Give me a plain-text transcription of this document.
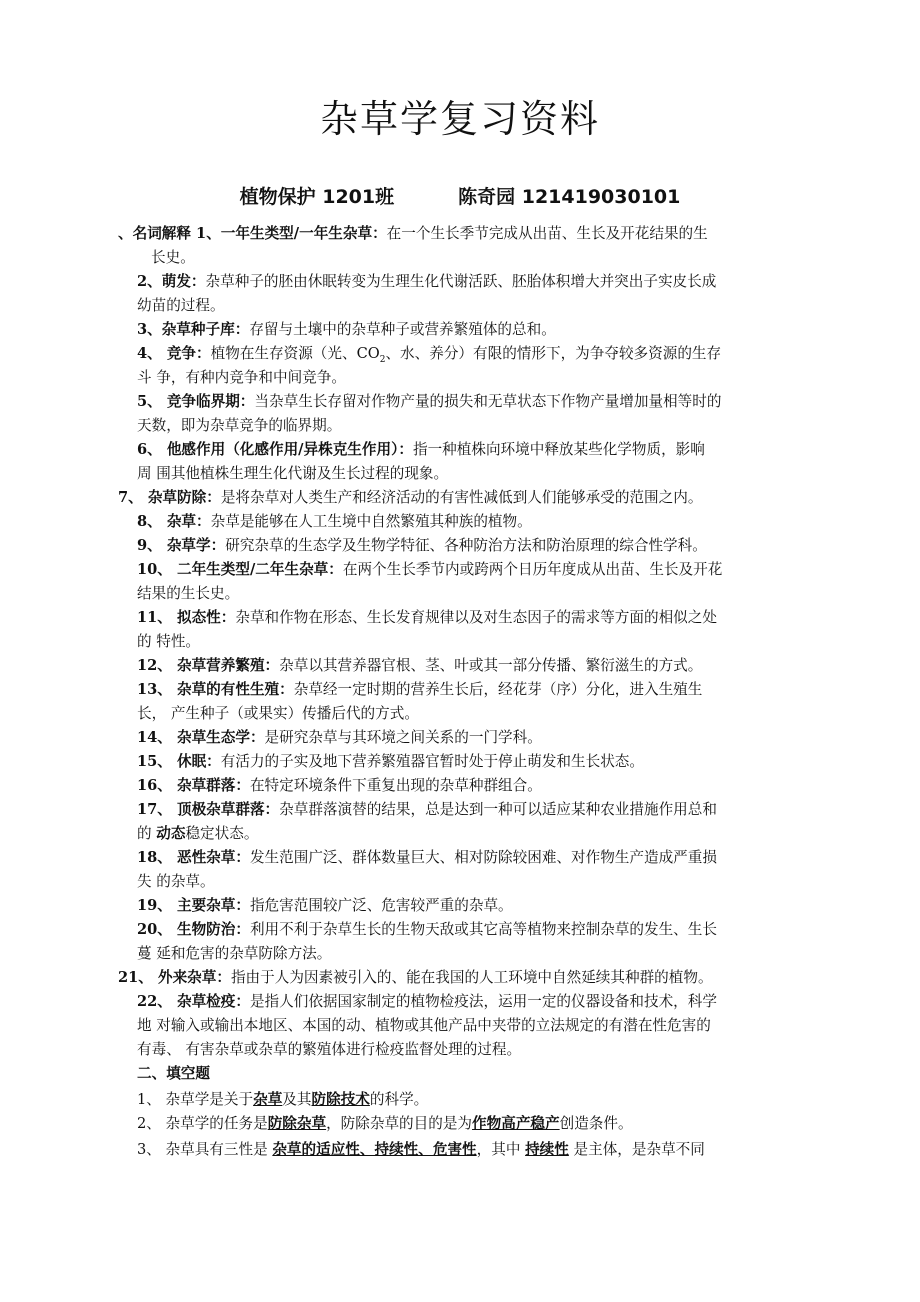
杂草学复习资料
植物保护 1201班	陈奇园 121419030101
、名词解释 1、一年生类型/一年生杂草：在一个生长季节完成从出苗、生长及开花结果的生
长史。
2、萌发：杂草种子的胚由休眠转变为生理生化代谢活跃、胚胎体积增大并突出子实皮长成
幼苗的过程。
3、杂草种子库：存留与土壤中的杂草种子或营养繁殖体的总和。
4、 竞争：植物在生存资源（光、$CO_2$、水、养分）有限的情形下，为争夺较多资源的生存
斗 争，有种内竞争和中间竞争。
5、 竞争临界期：当杂草生长存留对作物产量的损失和无草状态下作物产量增加量相等时的
天数，即为杂草竞争的临界期。
6、 他感作用（化感作用/异株克生作用）：指一种植株向环境中释放某些化学物质，影响
周 围其他植株生理生化代谢及生长过程的现象。
7、 杂草防除：是将杂草对人类生产和经济活动的有害性减低到人们能够承受的范围之内。
8、 杂草：杂草是能够在人工生境中自然繁殖其种族的植物。
9、 杂草学：研究杂草的生态学及生物学特征、各种防治方法和防治原理的综合性学科。
10、 二年生类型/二年生杂草：在两个生长季节内或跨两个日历年度成从出苗、生长及开花
结果的生长史。
11、 拟态性：杂草和作物在形态、生长发育规律以及对生态因子的需求等方面的相似之处
的 特性。
12、 杂草营养繁殖：杂草以其营养器官根、茎、叶或其一部分传播、繁衍滋生的方式。
13、 杂草的有性生殖：杂草经一定时期的营养生长后，经花芽（序）分化，进入生殖生
长， 产生种子（或果实）传播后代的方式。
14、 杂草生态学：是研究杂草与其环境之间关系的一门学科。
15、 休眠：有活力的子实及地下营养繁殖器官暂时处于停止萌发和生长状态。
16、 杂草群落：在特定环境条件下重复出现的杂草种群组合。
17、 顶极杂草群落：杂草群落演替的结果，总是达到一种可以适应某种农业措施作用总和
的 动态稳定状态。
18、 恶性杂草：发生范围广泛、群体数量巨大、相对防除较困难、对作物生产造成严重损
失 的杂草。
19、 主要杂草：指危害范围较广泛、危害较严重的杂草。
20、 生物防治：利用不利于杂草生长的生物天敌或其它高等植物来控制杂草的发生、生长
蔓 延和危害的杂草防除方法。
21、 外来杂草：指由于人为因素被引入的、能在我国的人工环境中自然延续其种群的植物。
22、 杂草检疫：是指人们依据国家制定的植物检疫法，运用一定的仪器设备和技术，科学
地 对输入或输出本地区、本国的动、植物或其他产品中夹带的立法规定的有潜在性危害的
有毒、 有害杂草或杂草的繁殖体进行检疫监督处理的过程。
二、填空题
1、 杂草学是关于杂草及其防除技术的科学。
2、 杂草学的任务是防除杂草，防除杂草的目的是为作物高产稳产创造条件。
3、 杂草具有三性是 杂草的适应性、持续性、危害性，其中 持续性 是主体，是杂草不同
